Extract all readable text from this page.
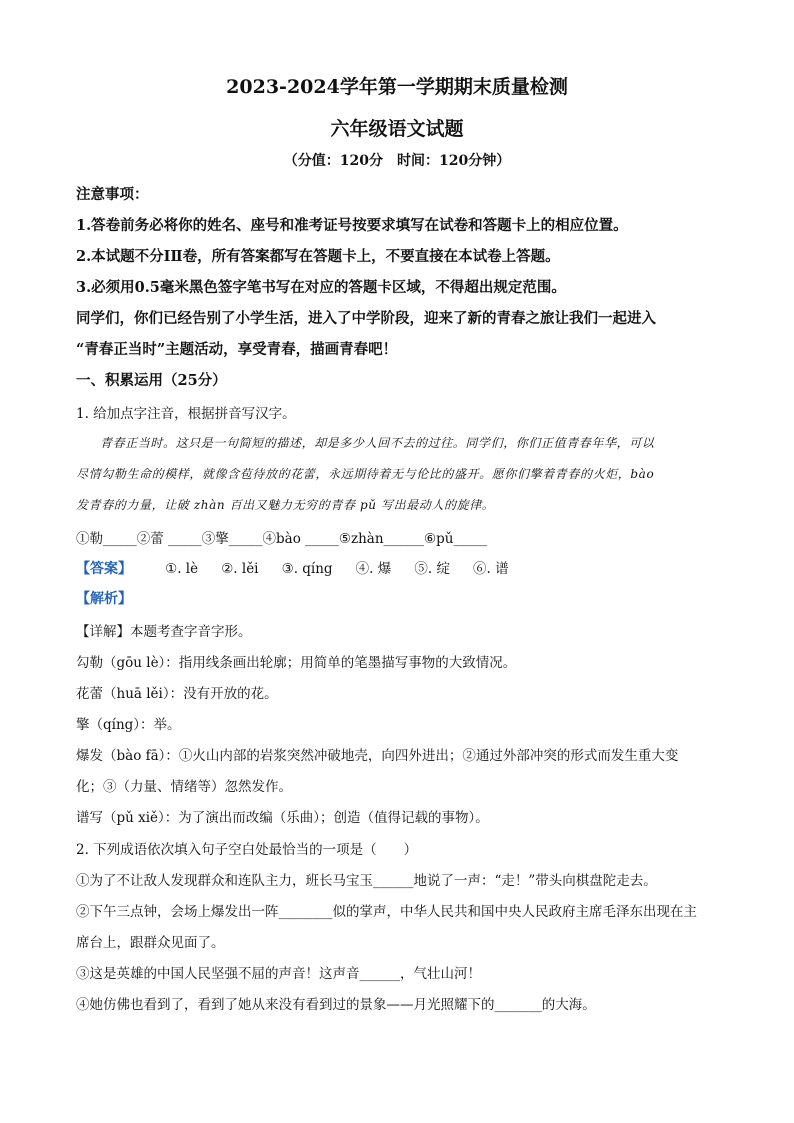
2023-2024学年第一学期期末质量检测
六年级语文试题
（分值：120分　时间：120分钟）
注意事项：
1.答卷前务必将你的姓名、座号和准考证号按要求填写在试卷和答题卡上的相应位置。
2.本试题不分ⅠⅡ卷，所有答案都写在答题卡上，不要直接在本试卷上答题。
3.必须用0.5毫米黑色签字笔书写在对应的答题卡区域，不得超出规定范围。
同学们，你们已经告别了小学生活，进入了中学阶段，迎来了新的青春之旅让我们一起进入
“青春正当时”主题活动，享受青春，描画青春吧！
一、积累运用（25分）
1. 给加点字注音，根据拼音写汉字。
青春正当时。这只是一句简短的描述，却是多少人回不去的过往。同学们，你们正值青春年华，可以
尽情勾勒生命的模样，就像含苞待放的花蕾，永远期待着无与伦比的盛开。愿你们擎着青春的火炬，bào
发青春的力量，让破 zhàn 百出又魅力无穷的青春 pǔ 写出最动人的旋律。
①勒_____②蕾 _____③擎_____④bào _____⑤zhàn______⑥pǔ_____
【答案】 ①. lè ②. lěi ③. qíng ④. 爆 ⑤. 绽 ⑥. 谱
【解析】
【详解】本题考查字音字形。
勾勒（gōu lè）：指用线条画出轮廓；用简单的笔墨描写事物的大致情况。
花蕾（huā lěi）：没有开放的花。
擎（qíng）：举。
爆发（bào fā）：①火山内部的岩浆突然冲破地壳，向四外进出；②通过外部冲突的形式而发生重大变
化；③（力量、情绪等）忽然发作。
谱写（pǔ xiě）：为了演出而改编（乐曲）；创造（值得记载的事物）。
2. 下列成语依次填入句子空白处最恰当的一项是（　　）
①为了不让敌人发现群众和连队主力，班长马宝玉______地说了一声：“走！”带头向棋盘陀走去。
②下午三点钟，会场上爆发出一阵________似的掌声，中华人民共和国中央人民政府主席毛泽东出现在主
席台上，跟群众见面了。
③这是英雄的中国人民坚强不屈的声音！这声音______，气壮山河！
④她仿佛也看到了，看到了她从来没有看到过的景象——月光照耀下的_______的大海。
